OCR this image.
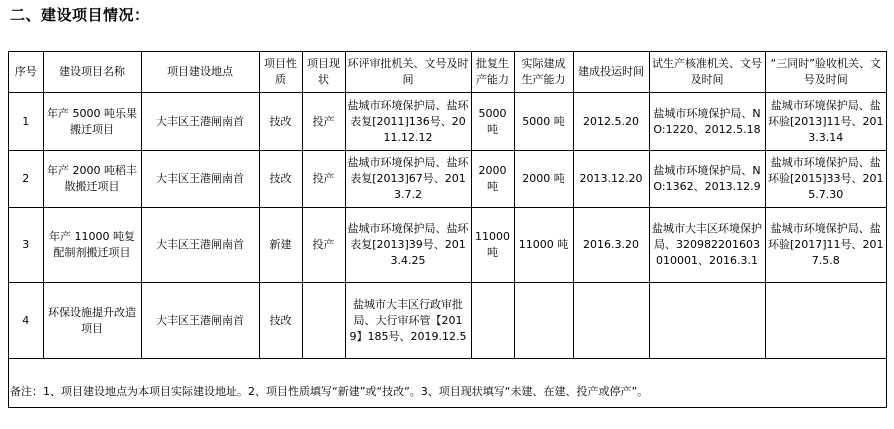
二、建设项目情况：
序号	建设项目名称	项目建设地点	项目性质	项目现状	环评审批机关、文号及时间	批复生产能力	实际建成生产能力	建成投运时间	试生产核准机关、文号及时间	“三同时”验收机关、文号及时间
1	年产 5000 吨乐果搬迁项目	大丰区王港闸南首	技改	投产	盐城市环境保护局、盐环表复[2011]136号、2011.12.12	5000 吨	5000 吨	2012.5.20	盐城市环境保护局、NO:1220、2012.5.18	盐城市环境保护局、盐环验[2013]11号、2013.3.14
2	年产 2000 吨稻丰散搬迁项目	大丰区王港闸南首	技改	投产	盐城市环境保护局、盐环表复[2013]67号、2013.7.2	2000 吨	2000 吨	2013.12.20	盐城市环境保护局、NO:1362、2013.12.9	盐城市环境保护局、盐环验[2015]33号、2015.7.30
3	年产 11000 吨复配制剂搬迁项目	大丰区王港闸南首	新建	投产	盐城市环境保护局、盐环表复[2013]39号、2013.4.25	11000 吨	11000 吨	2016.3.20	盐城市大丰区环境保护局、320982201603010001、2016.3.1	盐城市环境保护局、盐环验[2017]11号、2017.5.8
4	环保设施提升改造项目	大丰区王港闸南首	技改		盐城市大丰区行政审批局、大行审环管【2019】185号、2019.12.5					
备注：1、项目建设地点为本项目实际建设地址。2、项目性质填写“新建”或“技改”。3、项目现状填写“未建、在建、投产或停产”。
